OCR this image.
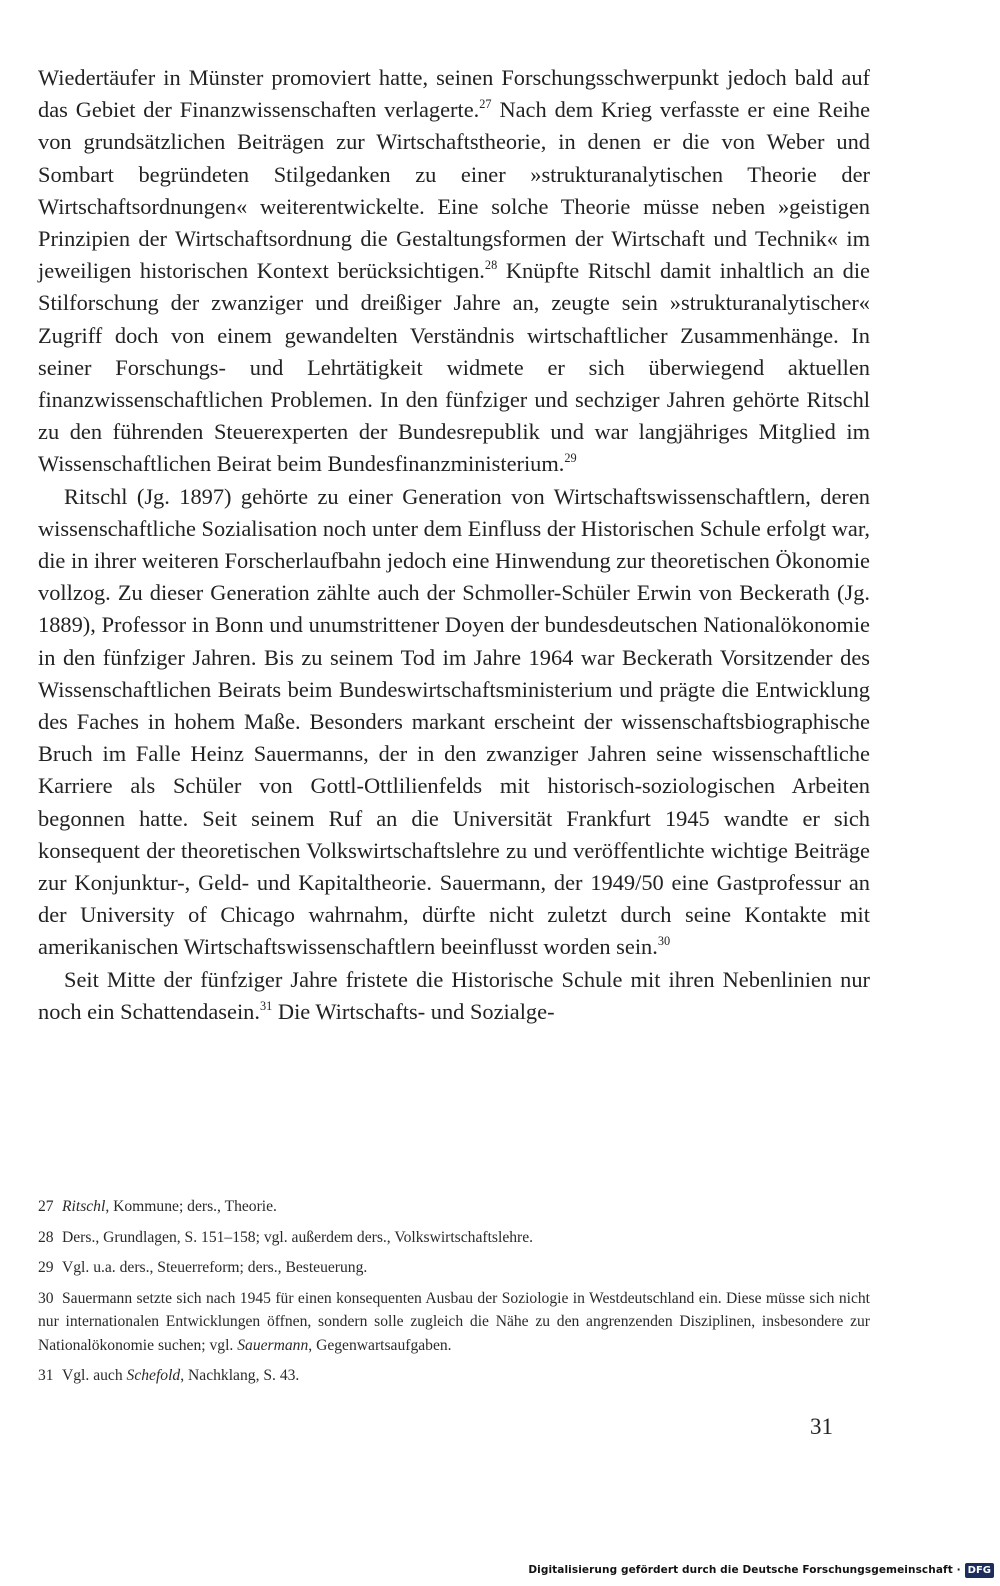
Wiedertäufer in Münster promoviert hatte, seinen Forschungsschwerpunkt jedoch bald auf das Gebiet der Finanzwissenschaften verlagerte.$^{27}$ Nach dem Krieg verfasste er eine Reihe von grundsätzlichen Beiträgen zur Wirtschaftstheorie, in denen er die von Weber und Sombart begründeten Stilgedanken zu einer »strukturanalytischen Theorie der Wirtschaftsordnungen« weiterentwickelte. Eine solche Theorie müsse neben »geistigen Prinzipien der Wirtschaftsordnung die Gestaltungsformen der Wirtschaft und Technik« im jeweiligen historischen Kontext berücksichtigen.$^{28}$ Knüpfte Ritschl damit inhaltlich an die Stilforschung der zwanziger und dreißiger Jahre an, zeugte sein »strukturanalytischer« Zugriff doch von einem gewandelten Verständnis wirtschaftlicher Zusammenhänge. In seiner Forschungs- und Lehrtätigkeit widmete er sich überwiegend aktuellen finanzwissenschaftlichen Problemen. In den fünfziger und sechziger Jahren gehörte Ritschl zu den führenden Steuerexperten der Bundesrepublik und war langjähriges Mitglied im Wissenschaftlichen Beirat beim Bundesfinanzministerium.$^{29}$

Ritschl (Jg. 1897) gehörte zu einer Generation von Wirtschaftswissenschaftlern, deren wissenschaftliche Sozialisation noch unter dem Einfluss der Historischen Schule erfolgt war, die in ihrer weiteren Forscherlaufbahn jedoch eine Hinwendung zur theoretischen Ökonomie vollzog. Zu dieser Generation zählte auch der Schmoller-Schüler Erwin von Beckerath (Jg. 1889), Professor in Bonn und unumstrittener Doyen der bundesdeutschen Nationalökonomie in den fünfziger Jahren. Bis zu seinem Tod im Jahre 1964 war Beckerath Vorsitzender des Wissenschaftlichen Beirats beim Bundeswirtschaftsministerium und prägte die Entwicklung des Faches in hohem Maße. Besonders markant erscheint der wissenschaftsbiographische Bruch im Falle Heinz Sauermanns, der in den zwanziger Jahren seine wissenschaftliche Karriere als Schüler von Gottl-Ottlilienfelds mit historisch-soziologischen Arbeiten begonnen hatte. Seit seinem Ruf an die Universität Frankfurt 1945 wandte er sich konsequent der theoretischen Volkswirtschaftslehre zu und veröffentlichte wichtige Beiträge zur Konjunktur-, Geld- und Kapitaltheorie. Sauermann, der 1949/50 eine Gastprofessur an der University of Chicago wahrnahm, dürfte nicht zuletzt durch seine Kontakte mit amerikanischen Wirtschaftswissenschaftlern beeinflusst worden sein.$^{30}$

Seit Mitte der fünfziger Jahre fristete die Historische Schule mit ihren Nebenlinien nur noch ein Schattendasein.$^{31}$ Die Wirtschafts- und Sozialge-

27 Ritschl, Kommune; ders., Theorie.

28 Ders., Grundlagen, S. 151–158; vgl. außerdem ders., Volkswirtschaftslehre.

29 Vgl. u.a. ders., Steuerreform; ders., Besteuerung.

30 Sauermann setzte sich nach 1945 für einen konsequenten Ausbau der Soziologie in Westdeutschland ein. Diese müsse sich nicht nur internationalen Entwicklungen öffnen, sondern solle zugleich die Nähe zu den angrenzenden Disziplinen, insbesondere zur Nationalökonomie suchen; vgl. Sauermann, Gegenwartsaufgaben.

31 Vgl. auch Schefold, Nachklang, S. 43.

31
Digitalisierung gefördert durch die Deutsche Forschungsgemeinschaft · DFG
